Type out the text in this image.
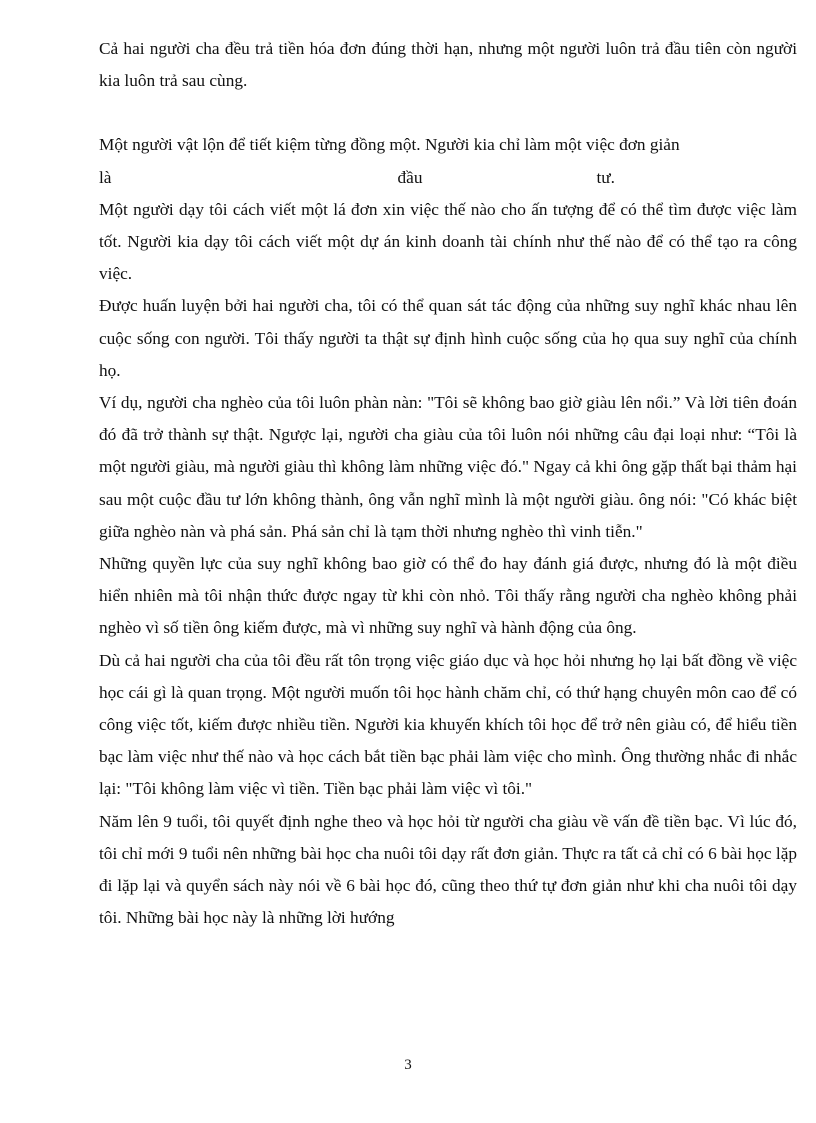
Cả hai người cha đều trả tiền hóa đơn đúng thời hạn, nhưng một người luôn trả đầu tiên còn người kia luôn trả sau cùng.

Một người vật lộn để tiết kiệm từng đồng một. Người kia chỉ làm một việc đơn giản

là	đầu	tư.

Một người dạy tôi cách viết một lá đơn xin việc thế nào cho ấn tượng để có thể tìm được việc làm tốt. Người kia dạy tôi cách viết một dự án kinh doanh tài chính như thế nào để có thể tạo ra công việc.

Được huấn luyện bởi hai người cha, tôi có thể quan sát tác động của những suy nghĩ khác nhau lên cuộc sống con người. Tôi thấy người ta thật sự định hình cuộc sống của họ qua suy nghĩ của chính họ.

Ví dụ, người cha nghèo của tôi luôn phàn nàn: "Tôi sẽ không bao giờ giàu lên nổi.” Và lời tiên đoán đó đã trở thành sự thật. Ngược lại, người cha giàu của tôi luôn nói những câu đại loại như: “Tôi là một người giàu, mà người giàu thì không làm những việc đó." Ngay cả khi ông gặp thất bại thảm hại sau một cuộc đầu tư lớn không thành, ông vẫn nghĩ mình là một người giàu. ông nói: "Có khác biệt giữa nghèo nàn và phá sản. Phá sản chỉ là tạm thời nhưng nghèo thì vinh tiễn."

Những quyền lực của suy nghĩ không bao giờ có thể đo hay đánh giá được, nhưng đó là một điều hiển nhiên mà tôi nhận thức được ngay từ khi còn nhỏ. Tôi thấy rằng người cha nghèo không phải nghèo vì số tiền ông kiếm được, mà vì những suy nghĩ và hành động của ông.

Dù cả hai người cha của tôi đều rất tôn trọng việc giáo dục và học hỏi nhưng họ lại bất đồng về việc học cái gì là quan trọng. Một người muốn tôi học hành chăm chỉ, có thứ hạng chuyên môn cao để có công việc tốt, kiếm được nhiều tiền. Người kia khuyến khích tôi học để trở nên giàu có, để hiểu tiền bạc làm việc như thế nào và học cách bắt tiền bạc phải làm việc cho mình. Ông thường nhắc đi nhắc lại: "Tôi không làm việc vì tiền. Tiền bạc phải làm việc vì tôi."

Năm lên 9 tuổi, tôi quyết định nghe theo và học hỏi từ người cha giàu về vấn đề tiền bạc. Vì lúc đó, tôi chỉ mới 9 tuổi nên những bài học cha nuôi tôi dạy rất đơn giản. Thực ra tất cả chỉ có 6 bài học lặp đi lặp lại và quyển sách này nói về 6 bài học đó, cũng theo thứ tự đơn giản như khi cha nuôi tôi dạy tôi. Những bài học này là những lời hướng

3
